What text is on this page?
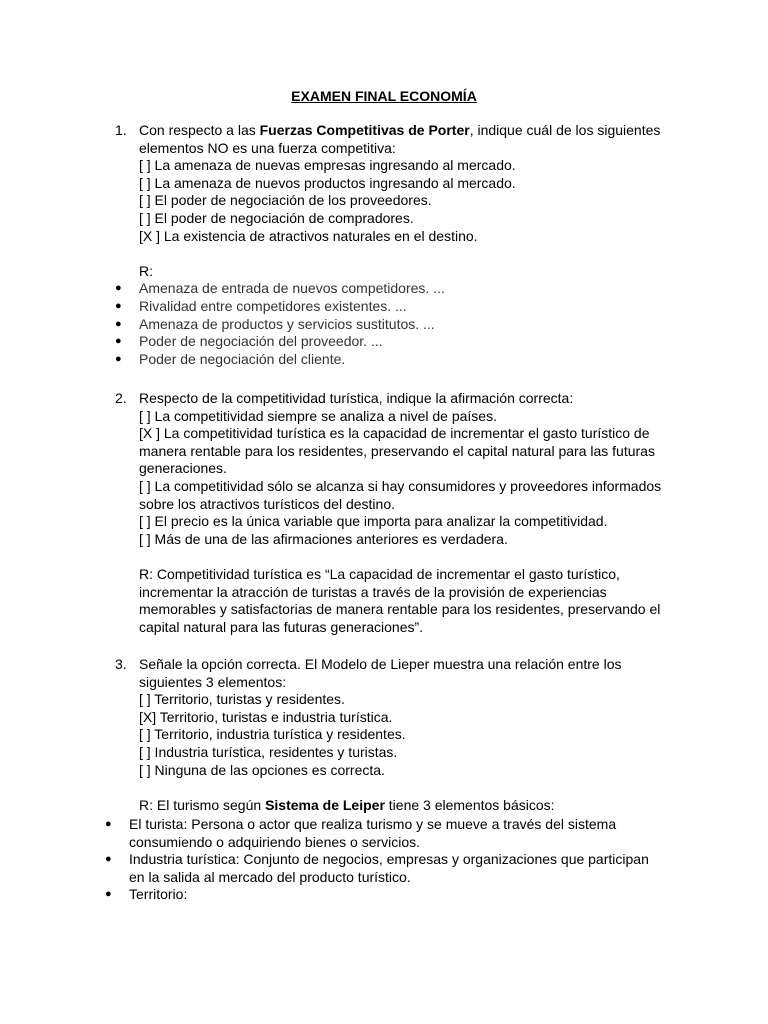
EXAMEN FINAL ECONOMÍA
1. Con respecto a las Fuerzas Competitivas de Porter, indique cuál de los siguientes elementos NO es una fuerza competitiva:
[ ] La amenaza de nuevas empresas ingresando al mercado.
[ ] La amenaza de nuevos productos ingresando al mercado.
[ ] El poder de negociación de los proveedores.
[ ] El poder de negociación de compradores.
[X ] La existencia de atractivos naturales en el destino.
R:
● Amenaza de entrada de nuevos competidores. ...
● Rivalidad entre competidores existentes. ...
● Amenaza de productos y servicios sustitutos. ...
● Poder de negociación del proveedor. ...
● Poder de negociación del cliente.
2. Respecto de la competitividad turística, indique la afirmación correcta:
[ ] La competitividad siempre se analiza a nivel de países.
[X ] La competitividad turística es la capacidad de incrementar el gasto turístico de manera rentable para los residentes, preservando el capital natural para las futuras generaciones.
[ ] La competitividad sólo se alcanza si hay consumidores y proveedores informados sobre los atractivos turísticos del destino.
[ ] El precio es la única variable que importa para analizar la competitividad.
[ ] Más de una de las afirmaciones anteriores es verdadera.
R: Competitividad turística es “La capacidad de incrementar el gasto turístico, incrementar la atracción de turistas a través de la provisión de experiencias memorables y satisfactorias de manera rentable para los residentes, preservando el capital natural para las futuras generaciones”.
3. Señale la opción correcta. El Modelo de Lieper muestra una relación entre los siguientes 3 elementos:
[ ] Territorio, turistas y residentes.
[X] Territorio, turistas e industria turística.
[ ] Territorio, industria turística y residentes.
[ ] Industria turística, residentes y turistas.
[ ] Ninguna de las opciones es correcta.
R: El turismo según Sistema de Leiper tiene 3 elementos básicos:
● El turista: Persona o actor que realiza turismo y se mueve a través del sistema consumiendo o adquiriendo bienes o servicios.
● Industria turística: Conjunto de negocios, empresas y organizaciones que participan en la salida al mercado del producto turístico.
● Territorio:
